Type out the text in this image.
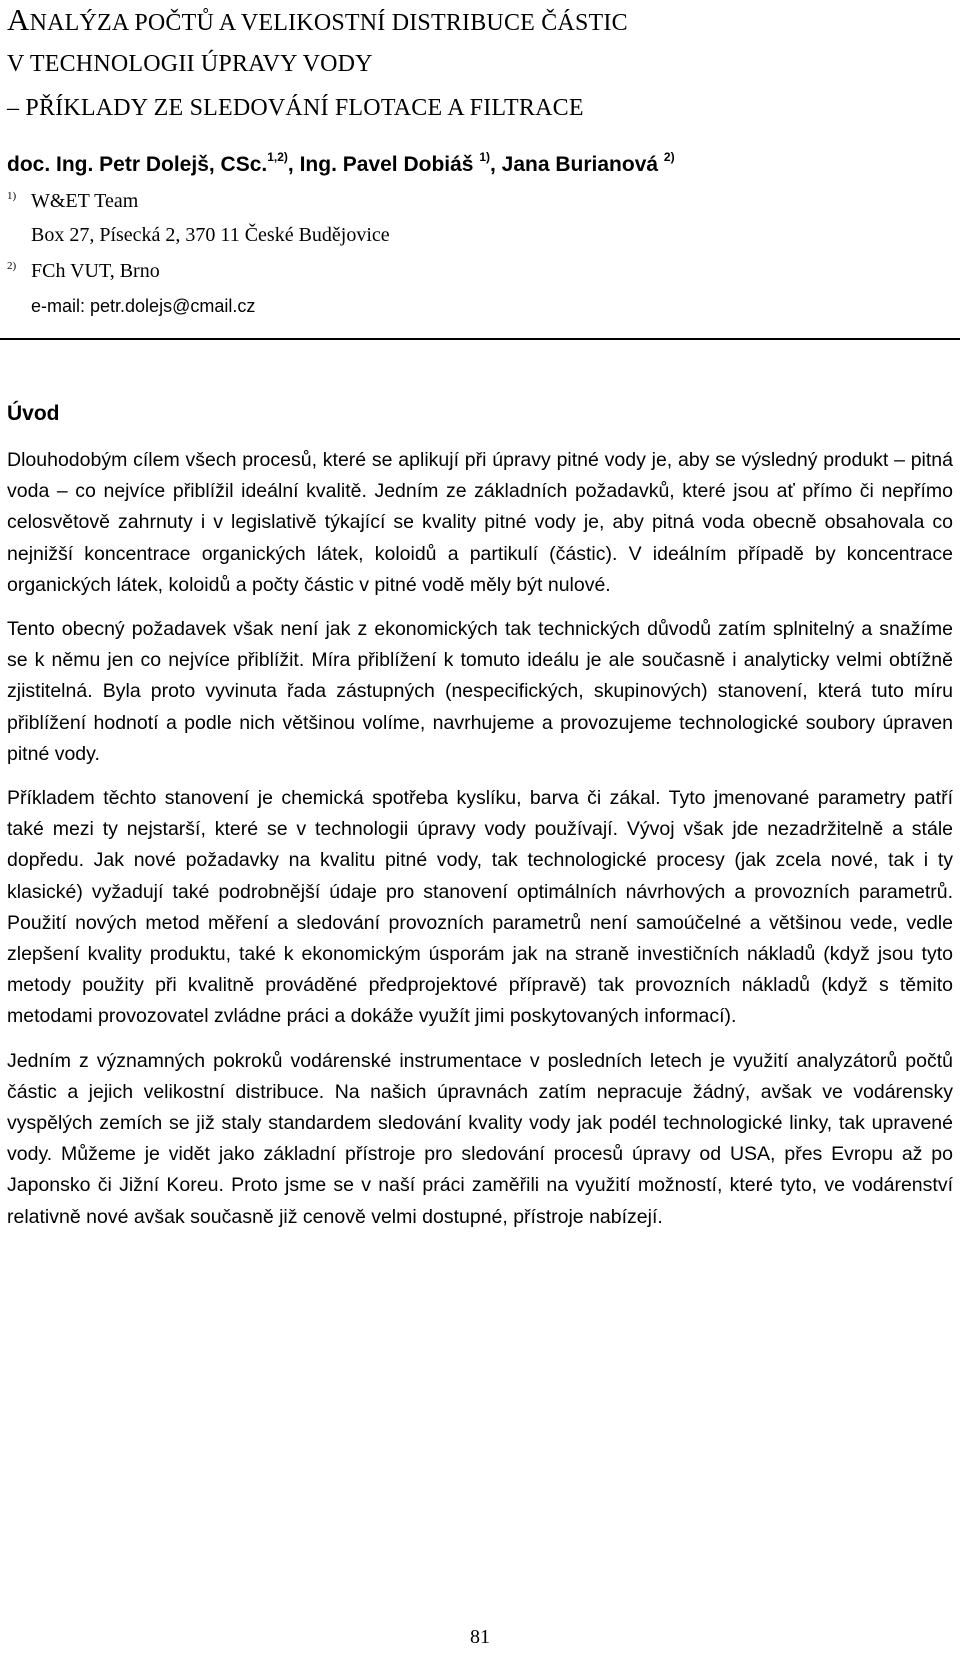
ANALÝZA POČTŮ A VELIKOSTNÍ DISTRIBUCE ČÁSTIC
V TECHNOLOGII ÚPRAVY VODY
– PŘÍKLADY ZE SLEDOVÁNÍ FLOTACE A FILTRACE
doc. Ing. Petr Dolejš, CSc.$^{1,2)}$, Ing. Pavel Dobiáš $^{1)}$, Jana Burianová $^{2)}$
$^{1)}$ W&ET Team
Box 27, Písecká 2, 370 11 České Budějovice
$^{2)}$ FCh VUT, Brno
e-mail: petr.dolejs@cmail.cz
Úvod

Dlouhodobým cílem všech procesů, které se aplikují při úpravy pitné vody je, aby se výsledný produkt – pitná voda – co nejvíce přiblížil ideální kvalitě. Jedním ze základních požadavků, které jsou ať přímo či nepřímo celosvětově zahrnuty i v legislativě týkající se kvality pitné vody je, aby pitná voda obecně obsahovala co nejnižší koncentrace organických látek, koloidů a partikulí (částic). V ideálním případě by koncentrace organických látek, koloidů a počty částic v pitné vodě měly být nulové.

Tento obecný požadavek však není jak z ekonomických tak technických důvodů zatím splnitelný a snažíme se k němu jen co nejvíce přiblížit. Míra přiblížení k tomuto ideálu je ale současně i analyticky velmi obtížně zjistitelná. Byla proto vyvinuta řada zástupných (nespecifických, skupinových) stanovení, která tuto míru přiblížení hodnotí a podle nich většinou volíme, navrhujeme a provozujeme technologické soubory úpraven pitné vody.

Příkladem těchto stanovení je chemická spotřeba kyslíku, barva či zákal. Tyto jmenované parametry patří také mezi ty nejstarší, které se v technologii úpravy vody používají. Vývoj však jde nezadržitelně a stále dopředu. Jak nové požadavky na kvalitu pitné vody, tak technologické procesy (jak zcela nové, tak i ty klasické) vyžadují také podrobnější údaje pro stanovení optimálních návrhových a provozních parametrů. Použití nových metod měření a sledování provozních parametrů není samoúčelné a většinou vede, vedle zlepšení kvality produktu, také k ekonomickým úsporám jak na straně investičních nákladů (když jsou tyto metody použity při kvalitně prováděné předprojektové přípravě) tak provozních nákladů (když s těmito metodami provozovatel zvládne práci a dokáže využít jimi poskytovaných informací).

Jedním z významných pokroků vodárenské instrumentace v posledních letech je využití analyzátorů počtů částic a jejich velikostní distribuce. Na našich úpravnách zatím nepracuje žádný, avšak ve vodárensky vyspělých zemích se již staly standardem sledování kvality vody jak podél technologické linky, tak upravené vody. Můžeme je vidět jako základní přístroje pro sledování procesů úpravy od USA, přes Evropu až po Japonsko či Jižní Koreu. Proto jsme se v naší práci zaměřili na využití možností, které tyto, ve vodárenství relativně nové avšak současně již cenově velmi dostupné, přístroje nabízejí.

81
